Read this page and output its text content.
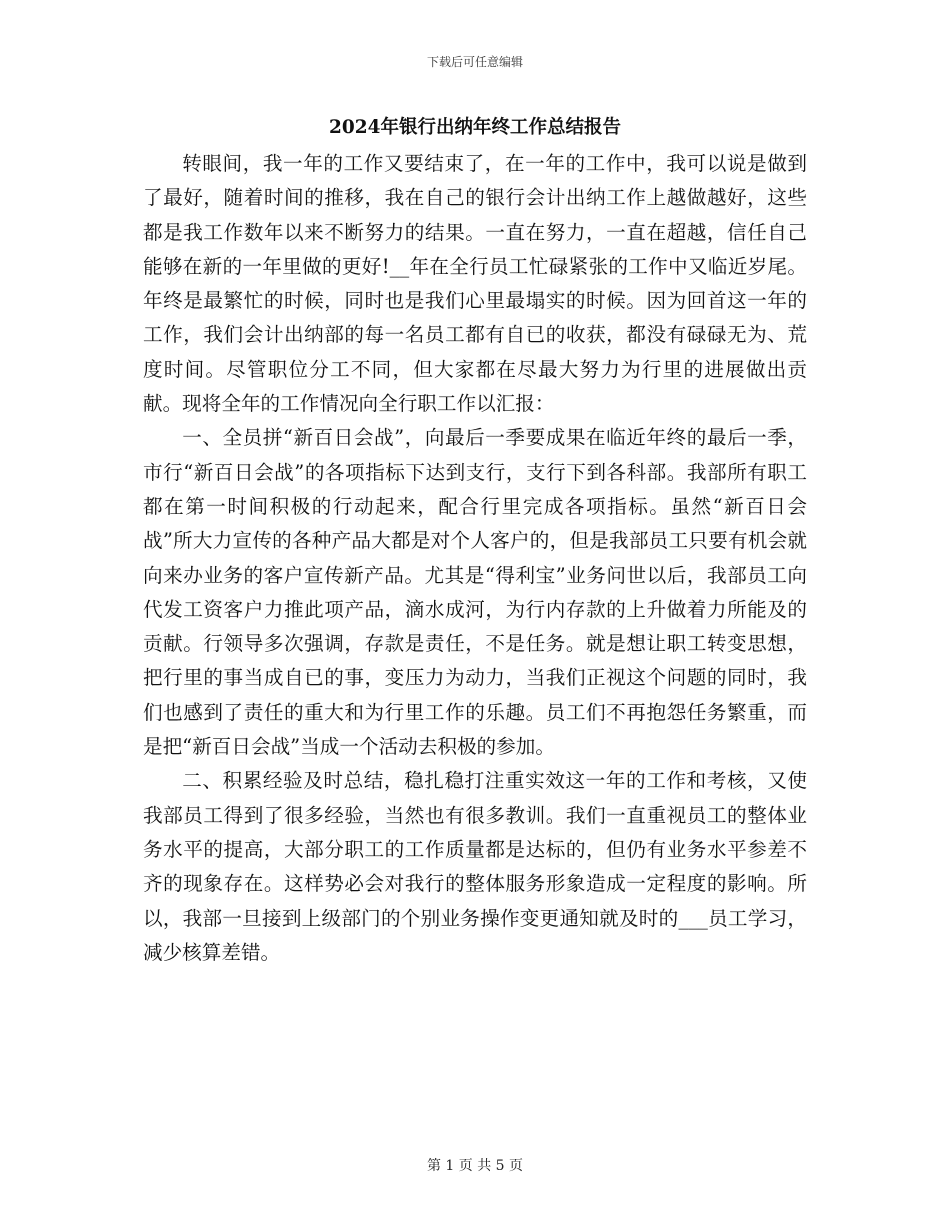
下载后可任意编辑

2024年银行出纳年终工作总结报告

转眼间，我一年的工作又要结束了，在一年的工作中，我可以说是做到了最好，随着时间的推移，我在自己的银行会计出纳工作上越做越好，这些都是我工作数年以来不断努力的结果。一直在努力，一直在超越，信任自己能够在新的一年里做的更好!__年在全行员工忙碌紧张的工作中又临近岁尾。年终是最繁忙的时候，同时也是我们心里最塌实的时候。因为回首这一年的工作，我们会计出纳部的每一名员工都有自已的收获，都没有碌碌无为、荒度时间。尽管职位分工不同，但大家都在尽最大努力为行里的进展做出贡献。现将全年的工作情况向全行职工作以汇报：

一、全员拼“新百日会战”，向最后一季要成果在临近年终的最后一季，市行“新百日会战”的各项指标下达到支行，支行下到各科部。我部所有职工都在第一时间积极的行动起来，配合行里完成各项指标。虽然“新百日会战”所大力宣传的各种产品大都是对个人客户的，但是我部员工只要有机会就向来办业务的客户宣传新产品。尤其是“得利宝”业务问世以后，我部员工向代发工资客户力推此项产品，滴水成河，为行内存款的上升做着力所能及的贡献。行领导多次强调，存款是责任，不是任务。就是想让职工转变思想，把行里的事当成自已的事，变压力为动力，当我们正视这个问题的同时，我们也感到了责任的重大和为行里工作的乐趣。员工们不再抱怨任务繁重，而是把“新百日会战”当成一个活动去积极的参加。

二、积累经验及时总结，稳扎稳打注重实效这一年的工作和考核，又使我部员工得到了很多经验，当然也有很多教训。我们一直重视员工的整体业务水平的提高，大部分职工的工作质量都是达标的，但仍有业务水平参差不齐的现象存在。这样势必会对我行的整体服务形象造成一定程度的影响。所以，我部一旦接到上级部门的个别业务操作变更通知就及时的___员工学习，减少核算差错。

第 1 页 共 5 页
